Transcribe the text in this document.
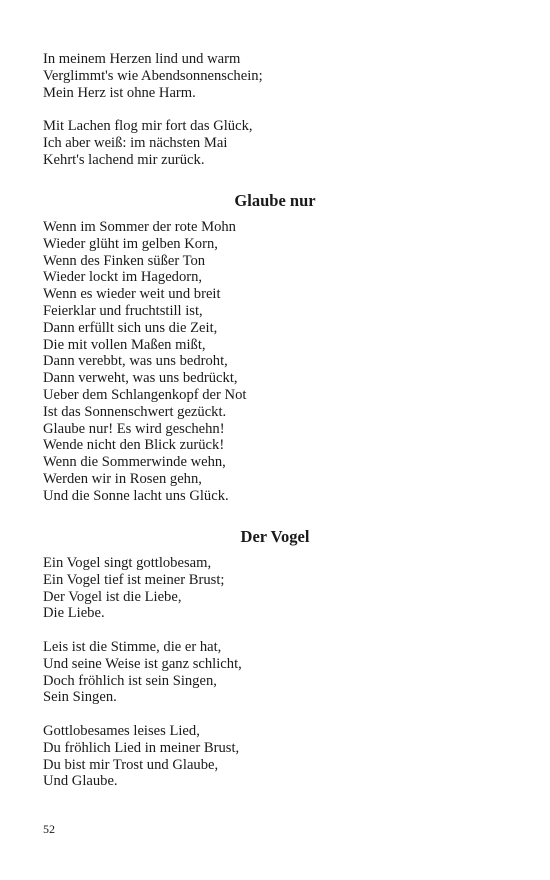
In meinem Herzen lind und warm
Verglimmt's wie Abendsonnenschein;
Mein Herz ist ohne Harm.
Mit Lachen flog mir fort das Glück,
Ich aber weiß: im nächsten Mai
Kehrt's lachend mir zurück.
Glaube nur
Wenn im Sommer der rote Mohn
Wieder glüht im gelben Korn,
Wenn des Finken süßer Ton
Wieder lockt im Hagedorn,
Wenn es wieder weit und breit
Feierklar und fruchtstill ist,
Dann erfüllt sich uns die Zeit,
Die mit vollen Maßen mißt,
Dann verebbt, was uns bedroht,
Dann verweht, was uns bedrückt,
Ueber dem Schlangenkopf der Not
Ist das Sonnenschwert gezückt.
Glaube nur! Es wird geschehn!
Wende nicht den Blick zurück!
Wenn die Sommerwinde wehn,
Werden wir in Rosen gehn,
Und die Sonne lacht uns Glück.
Der Vogel
Ein Vogel singt gottlobesam,
Ein Vogel tief ist meiner Brust;
Der Vogel ist die Liebe,
Die Liebe.
Leis ist die Stimme, die er hat,
Und seine Weise ist ganz schlicht,
Doch fröhlich ist sein Singen,
Sein Singen.
Gottlobesames leises Lied,
Du fröhlich Lied in meiner Brust,
Du bist mir Trost und Glaube,
Und Glaube.
52
